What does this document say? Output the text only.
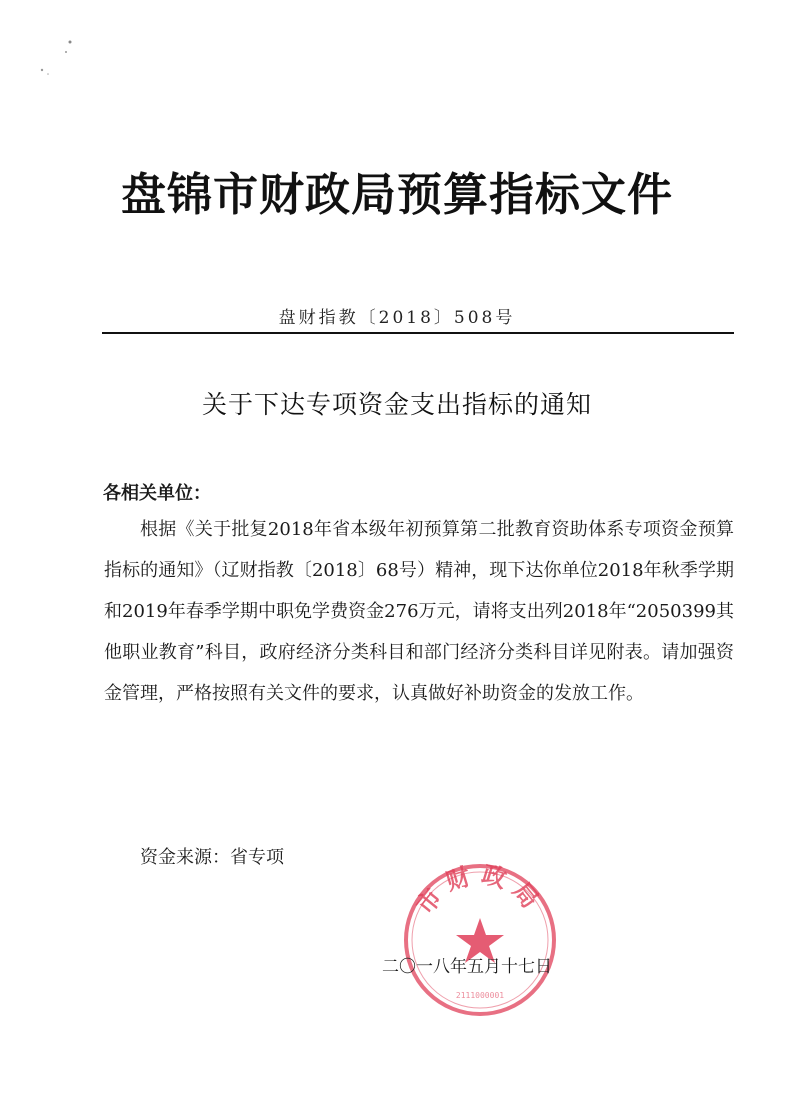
盘锦市财政局预算指标文件
盘财指教〔2018〕508号
关于下达专项资金支出指标的通知
各相关单位：

根据《关于批复2018年省本级年初预算第二批教育资助体系专项资金预算指标的通知》（辽财指教〔2018〕68号）精神，现下达你单位2018年秋季学期和2019年春季学期中职免学费资金276万元，请将支出列2018年“2050399其他职业教育”科目，政府经济分类科目和部门经济分类科目详见附表。请加强资金管理，严格按照有关文件的要求，认真做好补助资金的发放工作。

资金来源：省专项
市财政局
2111000001
二〇一八年五月十七日
